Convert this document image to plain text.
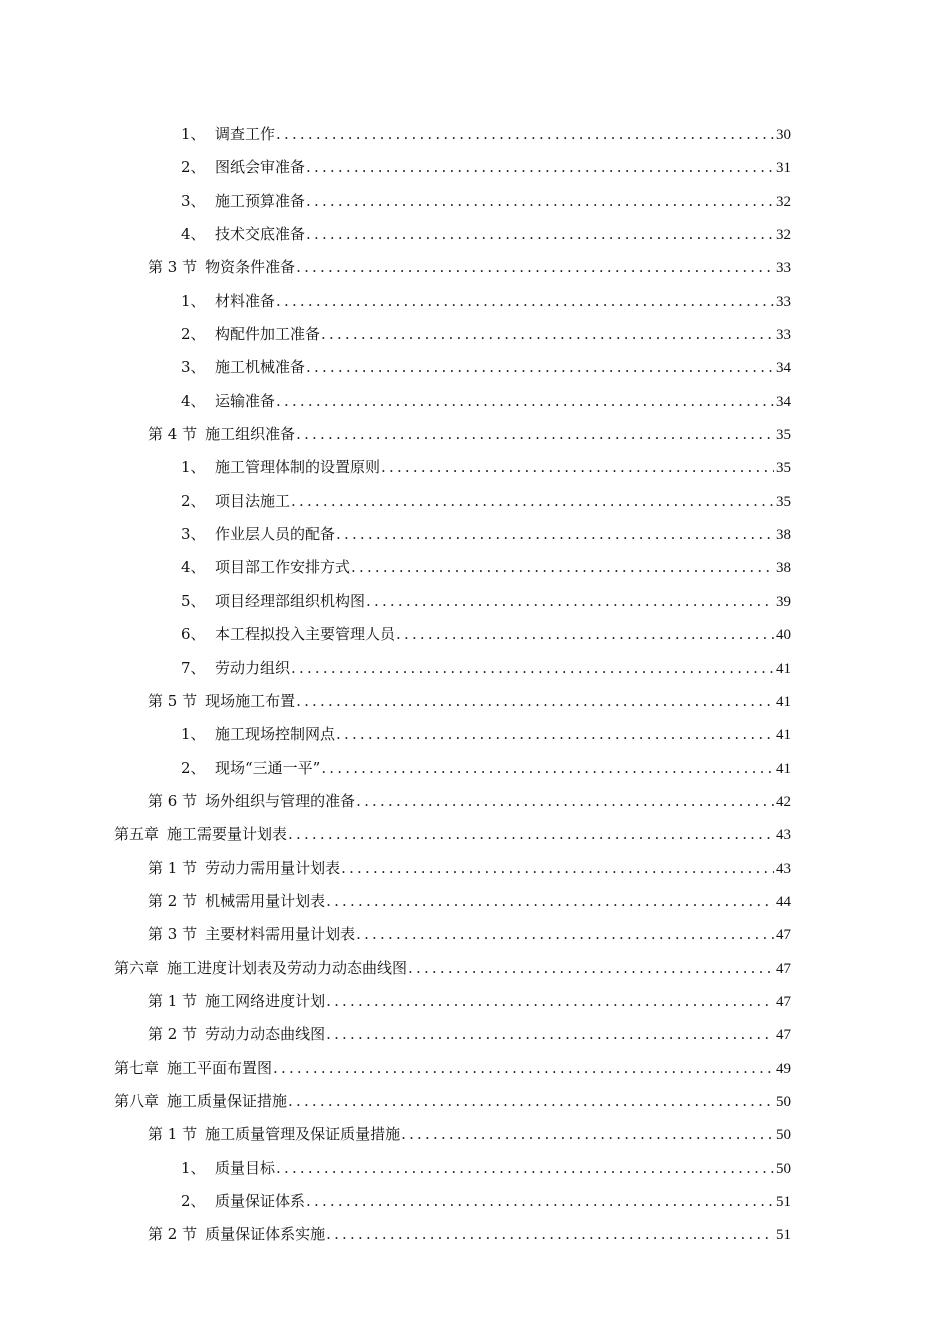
1、 调查工作 .....	30
2、 图纸会审准备 .....	31
3、 施工预算准备 .....	32
4、 技术交底准备 .....	32
第 3 节 物资条件准备 .....	33
1、 材料准备 .....	33
2、 构配件加工准备 .....	33
3、 施工机械准备 .....	34
4、 运输准备 .....	34
第 4 节 施工组织准备 .....	35
1、 施工管理体制的设置原则 .....	35
2、 项目法施工 .....	35
3、 作业层人员的配备 .....	38
4、 项目部工作安排方式 .....	38
5、 项目经理部组织机构图 .....	39
6、 本工程拟投入主要管理人员 .....	40
7、 劳动力组织 .....	41
第 5 节 现场施工布置 .....	41
1、 施工现场控制网点 .....	41
2、 现场“三通一平” .....	41
第 6 节 场外组织与管理的准备 .....	42
第五章 施工需要量计划表 .....	43
第 1 节 劳动力需用量计划表 .....	43
第 2 节 机械需用量计划表 .....	44
第 3 节 主要材料需用量计划表 .....	47
第六章 施工进度计划表及劳动力动态曲线图 .....	47
第 1 节 施工网络进度计划 .....	47
第 2 节 劳动力动态曲线图 .....	47
第七章 施工平面布置图 .....	49
第八章 施工质量保证措施 .....	50
第 1 节 施工质量管理及保证质量措施 .....	50
1、 质量目标 .....	50
2、 质量保证体系 .....	51
第 2 节 质量保证体系实施 .....	51
